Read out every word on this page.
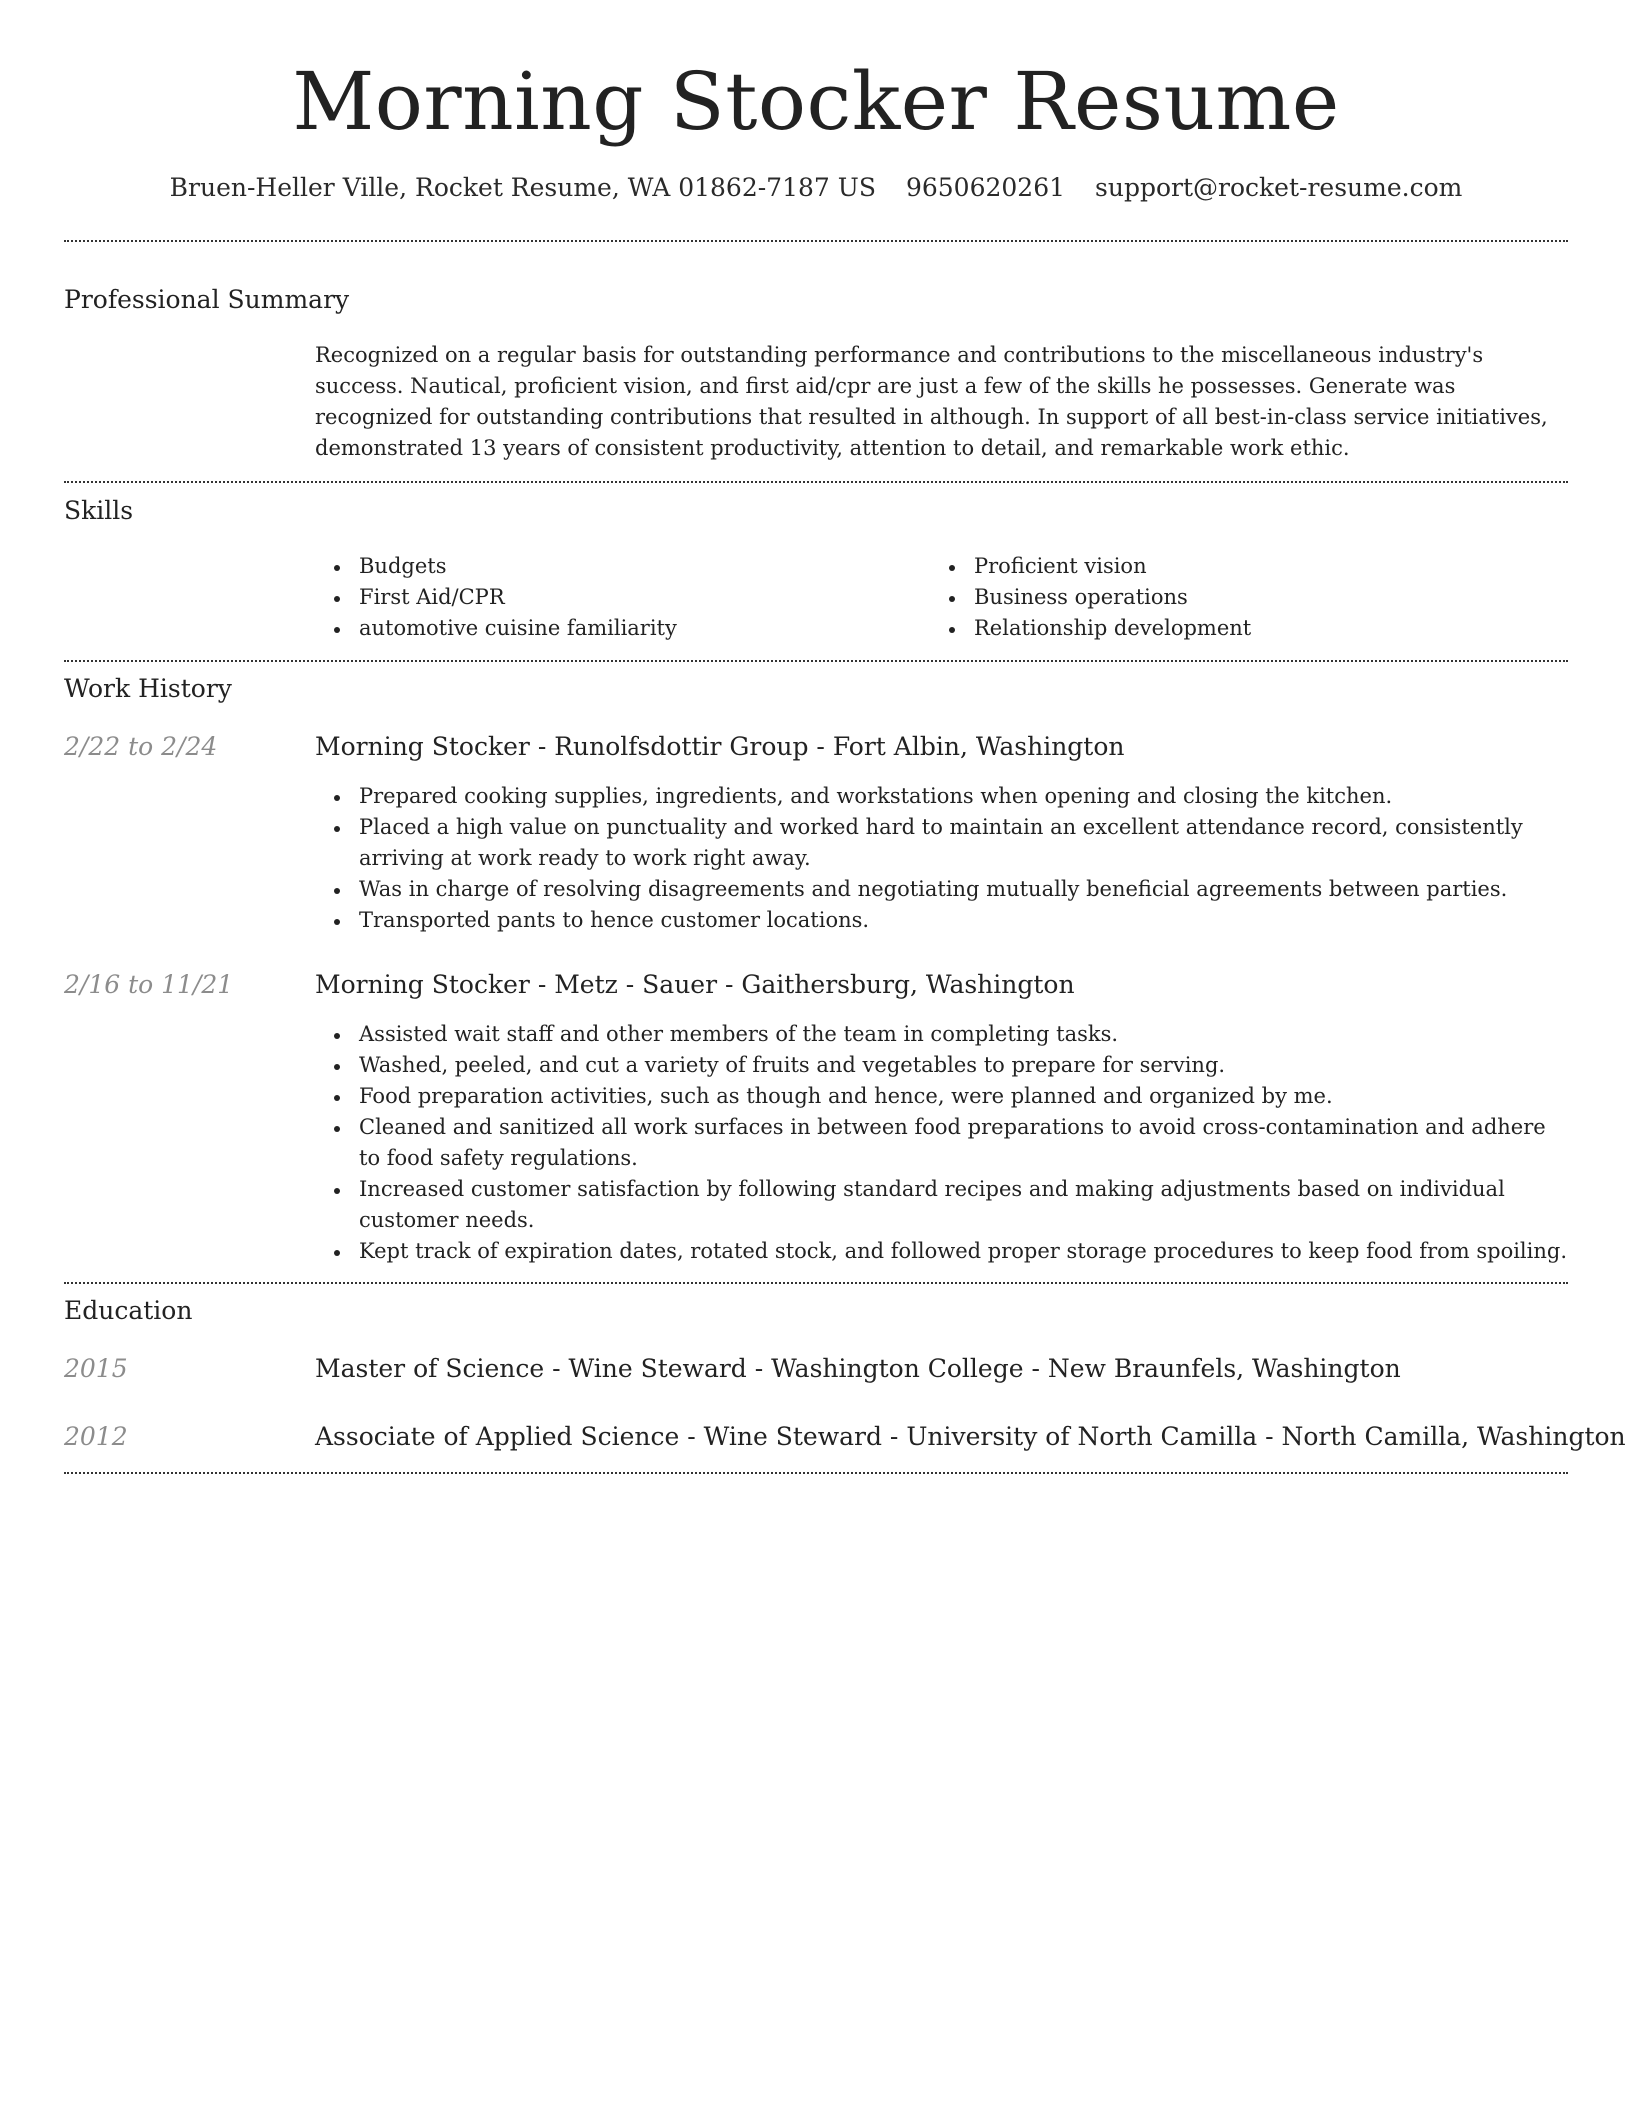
Morning Stocker Resume
Bruen-Heller Ville, Rocket Resume, WA 01862-7187 US 9650620261 support@rocket-resume.com
Professional Summary

Recognized on a regular basis for outstanding performance and contributions to the miscellaneous industry's success. Nautical, proficient vision, and first aid/cpr are just a few of the skills he possesses. Generate was recognized for outstanding contributions that resulted in although. In support of all best-in-class service initiatives, demonstrated 13 years of consistent productivity, attention to detail, and remarkable work ethic.

Skills
Budgets
First Aid/CPR
automotive cuisine familiarity
Proficient vision
Business operations
Relationship development
Work History
2/22 to 2/24	Morning Stocker - Runolfsdottir Group - Fort Albin, Washington
Prepared cooking supplies, ingredients, and workstations when opening and closing the kitchen.
Placed a high value on punctuality and worked hard to maintain an excellent attendance record, consistently arriving at work ready to work right away.
Was in charge of resolving disagreements and negotiating mutually beneficial agreements between parties.
Transported pants to hence customer locations.
2/16 to 11/21	Morning Stocker - Metz - Sauer - Gaithersburg, Washington
Assisted wait staff and other members of the team in completing tasks.
Washed, peeled, and cut a variety of fruits and vegetables to prepare for serving.
Food preparation activities, such as though and hence, were planned and organized by me.
Cleaned and sanitized all work surfaces in between food preparations to avoid cross-contamination and adhere to food safety regulations.
Increased customer satisfaction by following standard recipes and making adjustments based on individual customer needs.
Kept track of expiration dates, rotated stock, and followed proper storage procedures to keep food from spoiling.
Education
2015	Master of Science - Wine Steward - Washington College - New Braunfels, Washington
2012	Associate of Applied Science - Wine Steward - University of North Camilla - North Camilla, Washington
